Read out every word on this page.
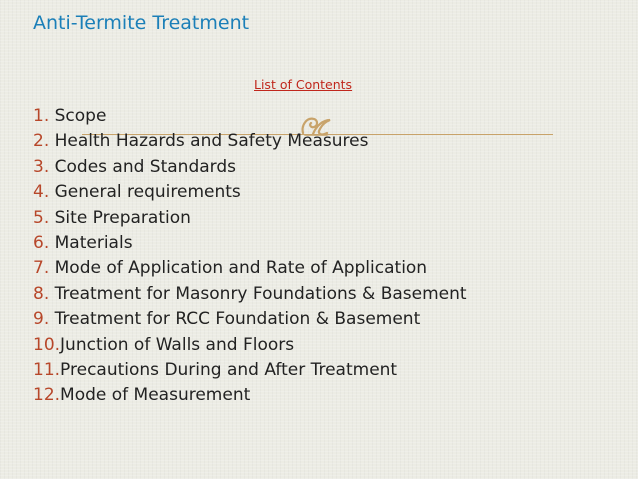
Anti-Termite Treatment
List of Contents
1. Scope
2. Health Hazards and Safety Measures
3. Codes and Standards
4. General requirements
5. Site Preparation
6. Materials
7. Mode of Application and Rate of Application
8. Treatment for Masonry Foundations & Basement
9. Treatment for RCC Foundation & Basement
10.Junction of Walls and Floors
11.Precautions During and After Treatment
12.Mode of Measurement
